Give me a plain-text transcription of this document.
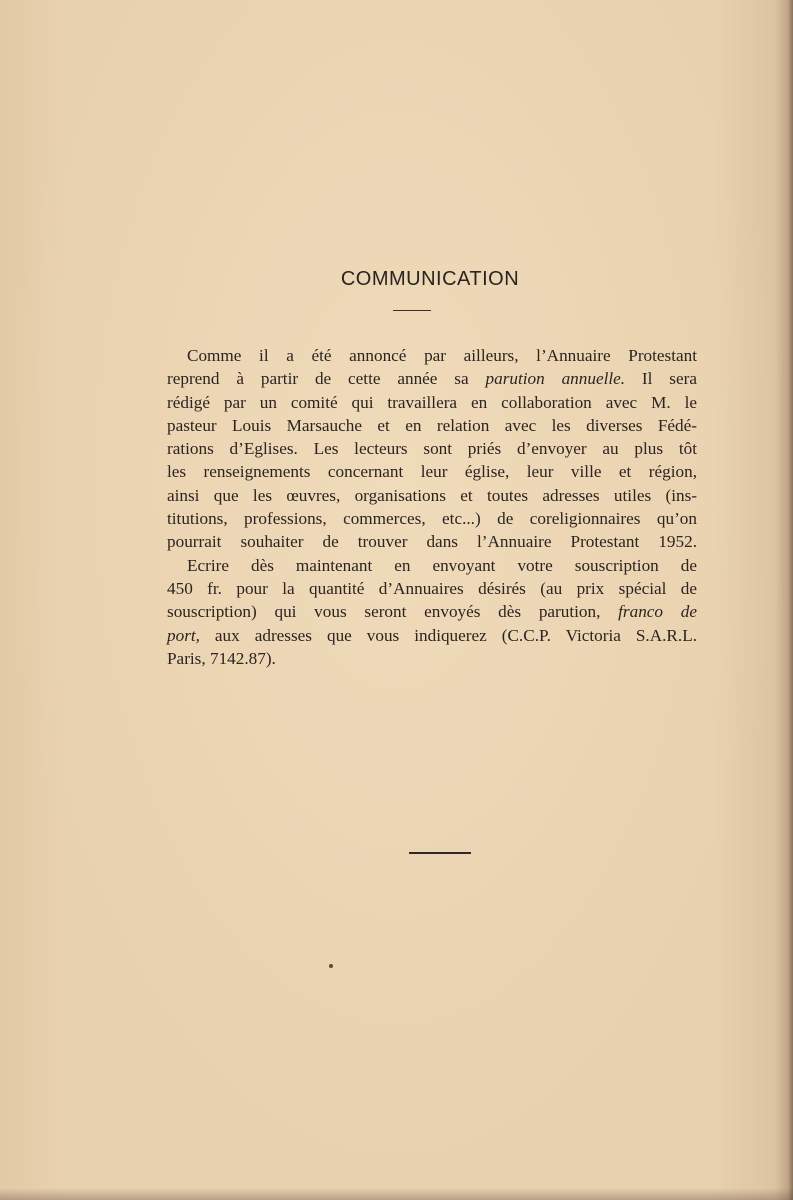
COMMUNICATION
Comme il a été annoncé par ailleurs, l’Annuaire Protestant
reprend à partir de cette année sa parution annuelle. Il sera
rédigé par un comité qui travaillera en collaboration avec M. le
pasteur Louis Marsauche et en relation avec les diverses Fédé-
rations d’Eglises. Les lecteurs sont priés d’envoyer au plus tôt
les renseignements concernant leur église, leur ville et région,
ainsi que les œuvres, organisations et toutes adresses utiles (ins-
titutions, professions, commerces, etc...) de coreligionnaires qu’on
pourrait souhaiter de trouver dans l’Annuaire Protestant 1952.
Ecrire dès maintenant en envoyant votre souscription de
450 fr. pour la quantité d’Annuaires désirés (au prix spécial de
souscription) qui vous seront envoyés dès parution, franco de
port, aux adresses que vous indiquerez (C.C.P. Victoria S.A.R.L.
Paris, 7142.87).
